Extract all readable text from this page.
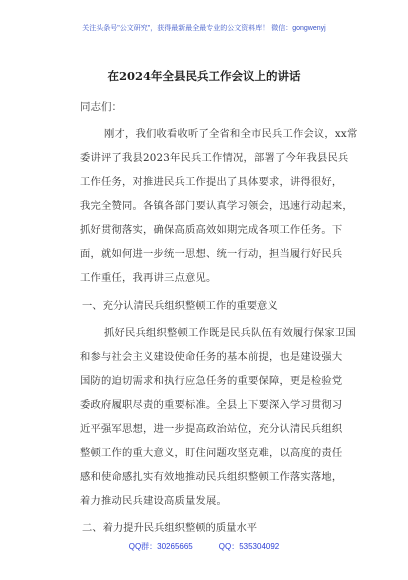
关注头条号"公文研究"，获得最新最全最专业的公文资料库！ 微信：gongwenyj
在2024年全县民兵工作会议上的讲话
同志们：
刚才，我们收看收听了全省和全市民兵工作会议，xx常
委讲评了我县2023年民兵工作情况，部署了今年我县民兵
工作任务，对推进民兵工作提出了具体要求，讲得很好，
我完全赞同。各镇各部门要认真学习领会，迅速行动起来，
抓好贯彻落实，确保高质高效如期完成各项工作任务。下
面，就如何进一步统一思想、统一行动，担当履行好民兵
工作重任，我再讲三点意见。
一、充分认清民兵组织整顿工作的重要意义
抓好民兵组织整顿工作既是民兵队伍有效履行保家卫国
和参与社会主义建设使命任务的基本前提，也是建设强大
国防的迫切需求和执行应急任务的重要保障，更是检验党
委政府履职尽责的重要标准。全县上下要深入学习贯彻习
近平强军思想，进一步提高政治站位，充分认清民兵组织
整顿工作的重大意义，盯住问题攻坚克难，以高度的责任
感和使命感扎实有效地推动民兵组织整顿工作落实落地，
着力推动民兵建设高质量发展。
二、着力提升民兵组织整顿的质量水平
QQ群：30265665	QQ：535304092
